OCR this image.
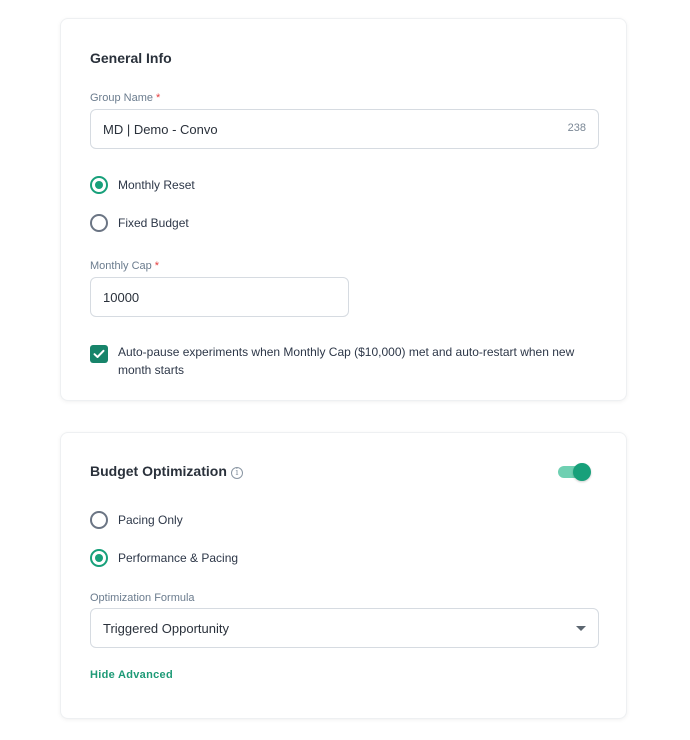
General Info
Group Name *
MD | Demo - Convo	238
Monthly Reset
Fixed Budget
Monthly Cap *
10000
Auto-pause experiments when Monthly Cap ($10,000) met and auto-restart when new month starts
Budget Optimization i
Pacing Only
Performance & Pacing
Optimization Formula
Triggered Opportunity
Hide Advanced
